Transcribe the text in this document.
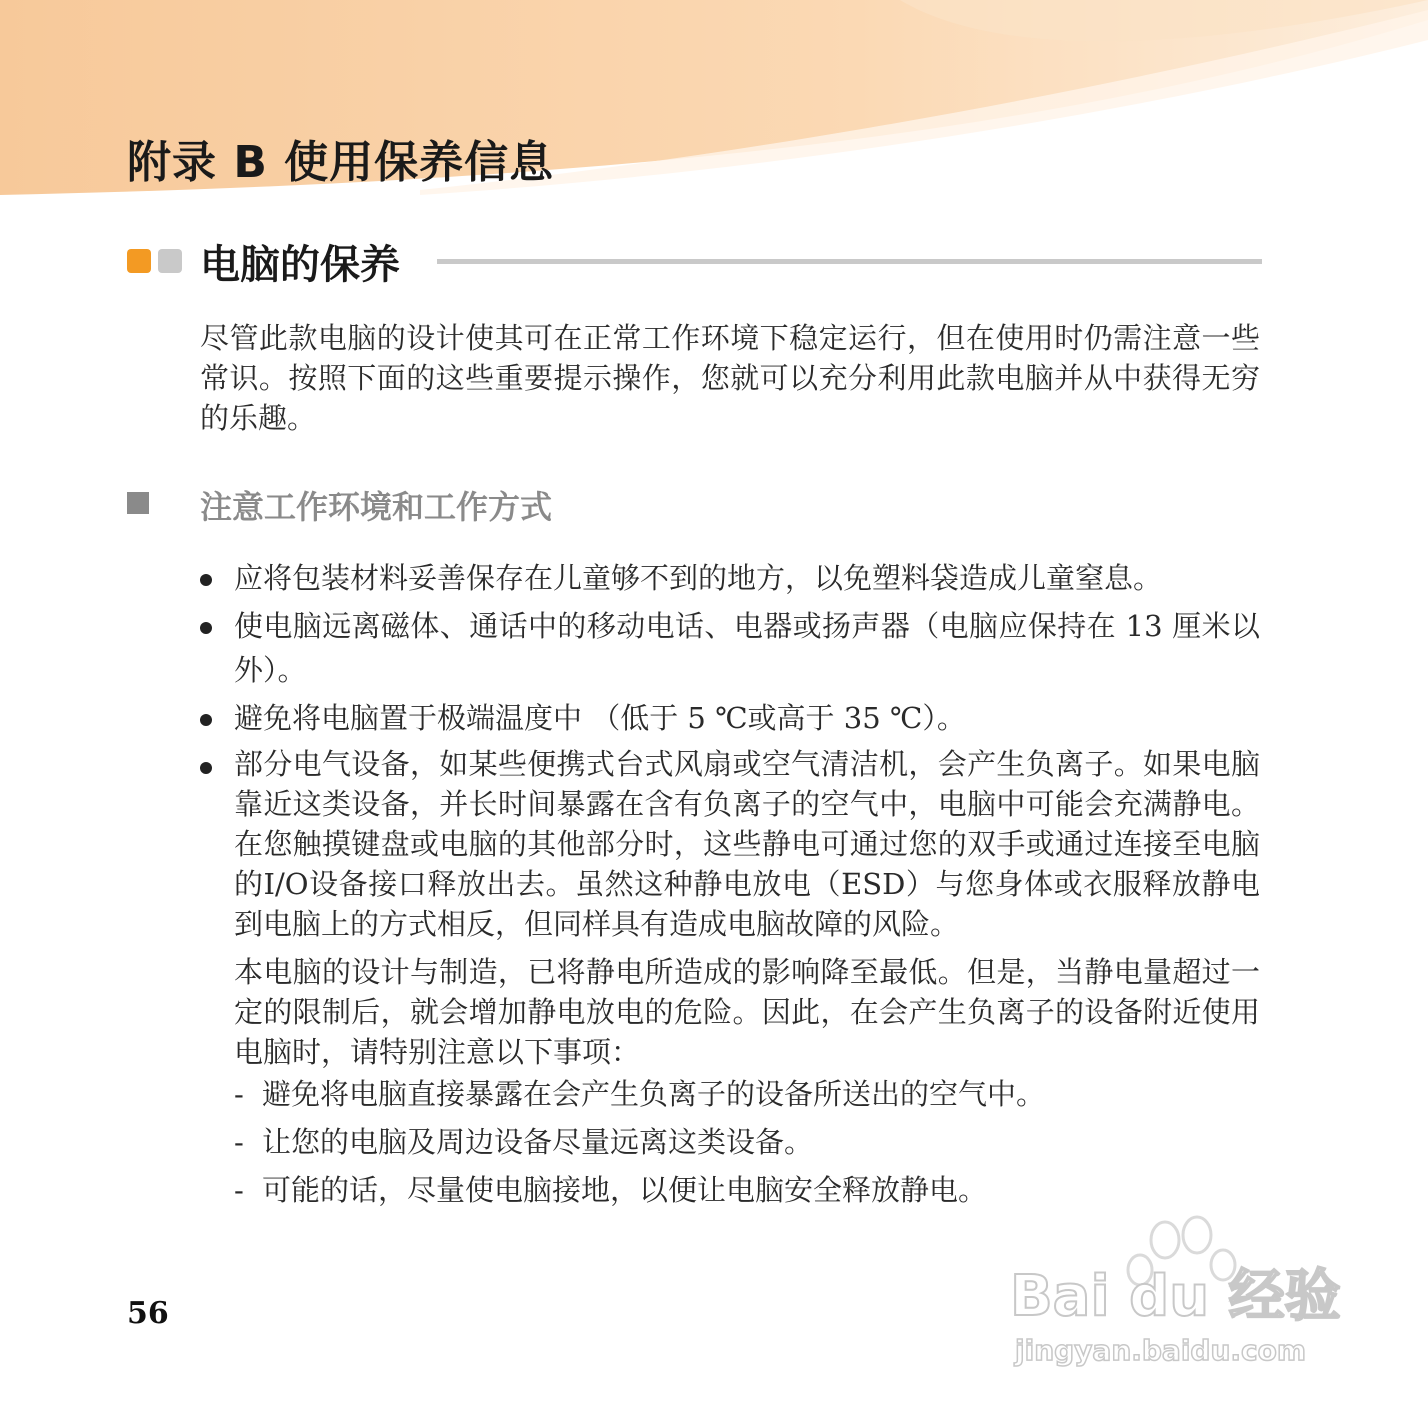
附录 B 使用保养信息
电脑的保养

尽管此款电脑的设计使其可在正常工作环境下稳定运行，但在使用时仍需注意一些常识。按照下面的这些重要提示操作，您就可以充分利用此款电脑并从中获得无穷的乐趣。

注意工作环境和工作方式
应将包装材料妥善保存在儿童够不到的地方，以免塑料袋造成儿童窒息。
使电脑远离磁体、通话中的移动电话、电器或扬声器（电脑应保持在 13 厘米以外）。
避免将电脑置于极端温度中 （低于 5 ℃或高于 35 ℃）。
部分电气设备，如某些便携式台式风扇或空气清洁机，会产生负离子。如果电脑靠近这类设备，并长时间暴露在含有负离子的空气中，电脑中可能会充满静电。在您触摸键盘或电脑的其他部分时，这些静电可通过您的双手或通过连接至电脑的I/O设备接口释放出去。虽然这种静电放电（ESD）与您身体或衣服释放静电到电脑上的方式相反，但同样具有造成电脑故障的风险。
本电脑的设计与制造，已将静电所造成的影响降至最低。但是，当静电量超过一定的限制后，就会增加静电放电的危险。因此，在会产生负离子的设备附近使用电脑时，请特别注意以下事项：
- 避免将电脑直接暴露在会产生负离子的设备所送出的空气中。
- 让您的电脑及周边设备尽量远离这类设备。
- 可能的话，尽量使电脑接地，以便让电脑安全释放静电。
56	Bai du 经验
jingyan.baidu.com
